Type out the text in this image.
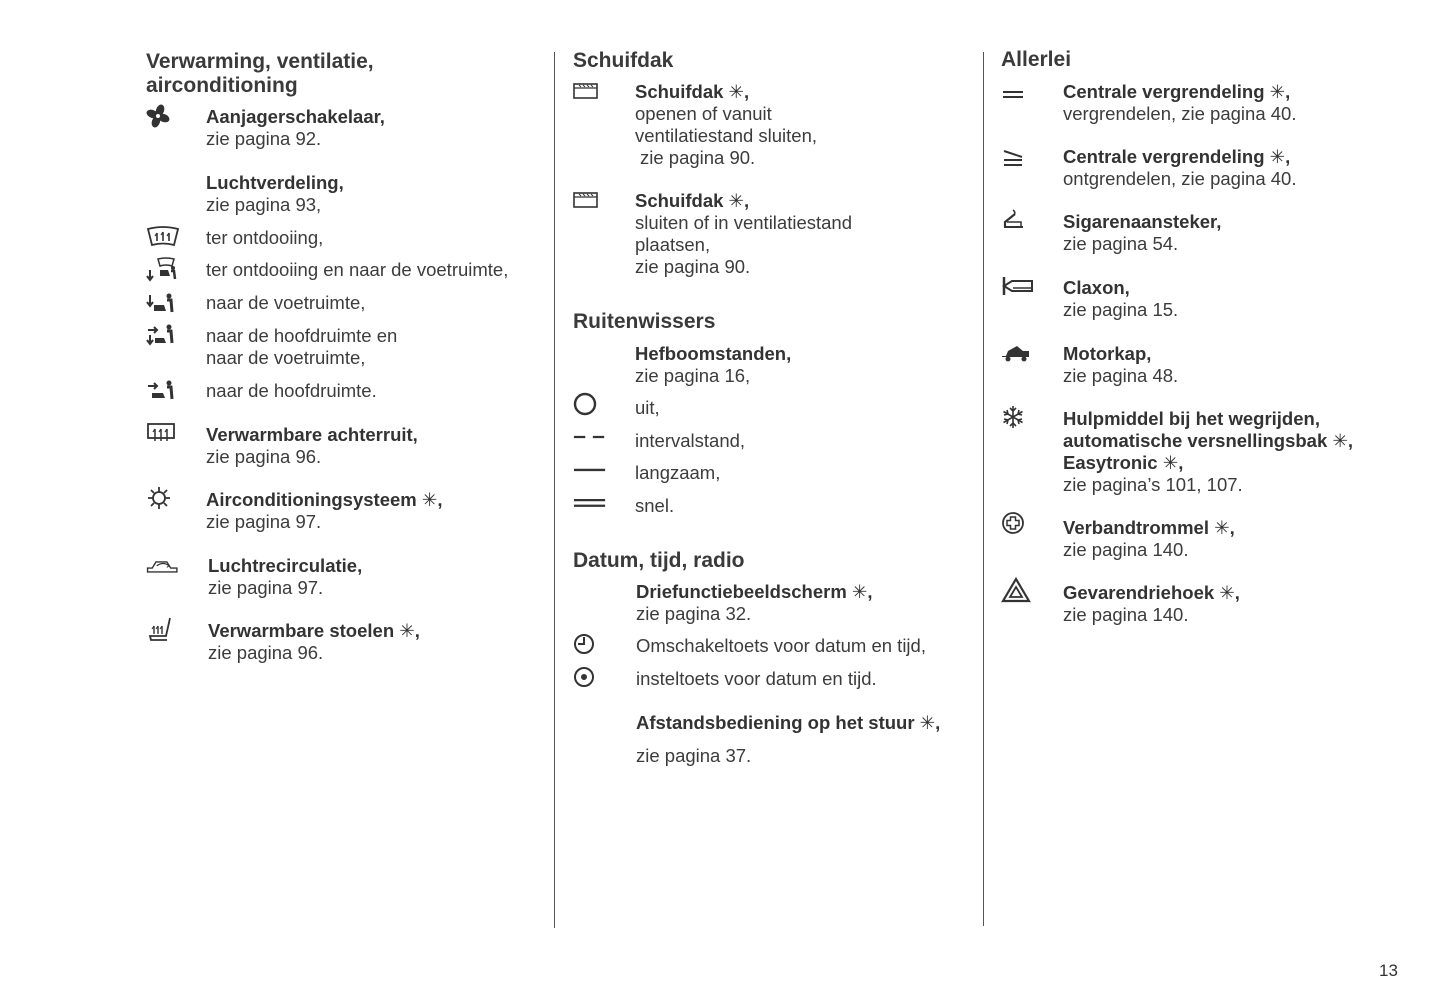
Verwarming, ventilatie,
airconditioning
Aanjagerschakelaar,
zie pagina 92.
Luchtverdeling,
zie pagina 93,
ter ontdooiing,
ter ontdooiing en naar de voetruimte,
naar de voetruimte,
naar de hoofdruimte en
naar de voetruimte,
naar de hoofdruimte.
Verwarmbare achterruit,
zie pagina 96.
Airconditioningsysteem ✳,
zie pagina 97.
Luchtrecirculatie,
zie pagina 97.
Verwarmbare stoelen ✳,
zie pagina 96.
Schuifdak
Schuifdak ✳,
openen of vanuit
ventilatiestand sluiten,
zie pagina 90.
Schuifdak ✳,
sluiten of in ventilatiestand
plaatsen,
zie pagina 90.
Ruitenwissers
Hefboomstanden,
zie pagina 16,
uit,
intervalstand,
langzaam,
snel.
Datum, tijd, radio
Driefunctiebeeldscherm ✳,
zie pagina 32.
Omschakeltoets voor datum en tijd,
insteltoets voor datum en tijd.
Afstandsbediening op het stuur ✳,
zie pagina 37.
Allerlei
Centrale vergrendeling ✳,
vergrendelen, zie pagina 40.
Centrale vergrendeling ✳,
ontgrendelen, zie pagina 40.
Sigarenaansteker,
zie pagina 54.
Claxon,
zie pagina 15.
Motorkap,
zie pagina 48.
Hulpmiddel bij het wegrijden,
automatische versnellingsbak ✳,
Easytronic ✳,
zie pagina’s 101, 107.
Verbandtrommel ✳,
zie pagina 140.
Gevarendriehoek ✳,
zie pagina 140.
13
